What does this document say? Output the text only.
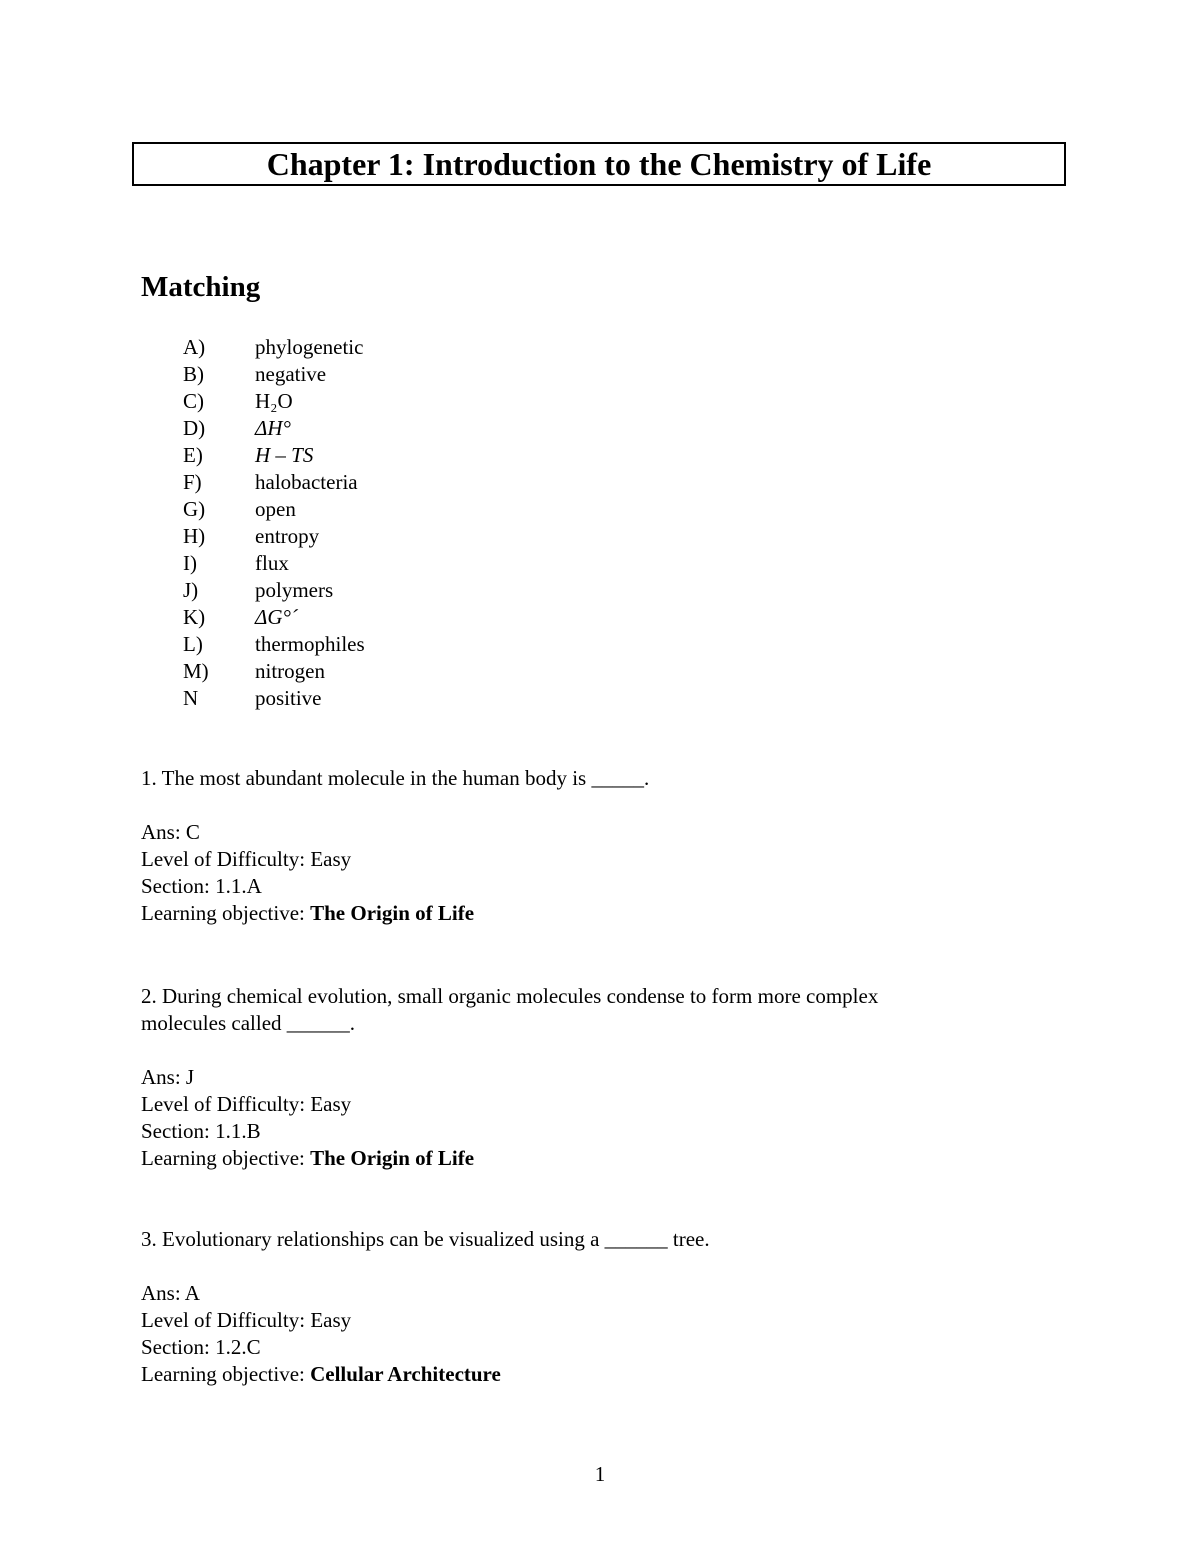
Chapter 1: Introduction to the Chemistry of Life
Matching
A) phylogenetic
B) negative
C) H₂O
D) ΔH°
E) H – TS
F)	halobacteria
G) open
H) entropy
I)	flux
J)	polymers
K) ΔG°´
L) thermophiles
M) nitrogen
N	positive

1. The most abundant molecule in the human body is _____.

Ans: C

Level of Difficulty: Easy

Section: 1.1.A

Learning objective: The Origin of Life

2. During chemical evolution, small organic molecules condense to form more complex

molecules called ______.

Ans: J

Level of Difficulty: Easy

Section: 1.1.B

Learning objective: The Origin of Life

3. Evolutionary relationships can be visualized using a ______ tree.

Ans: A

Level of Difficulty: Easy

Section: 1.2.C

Learning objective: Cellular Architecture

1
